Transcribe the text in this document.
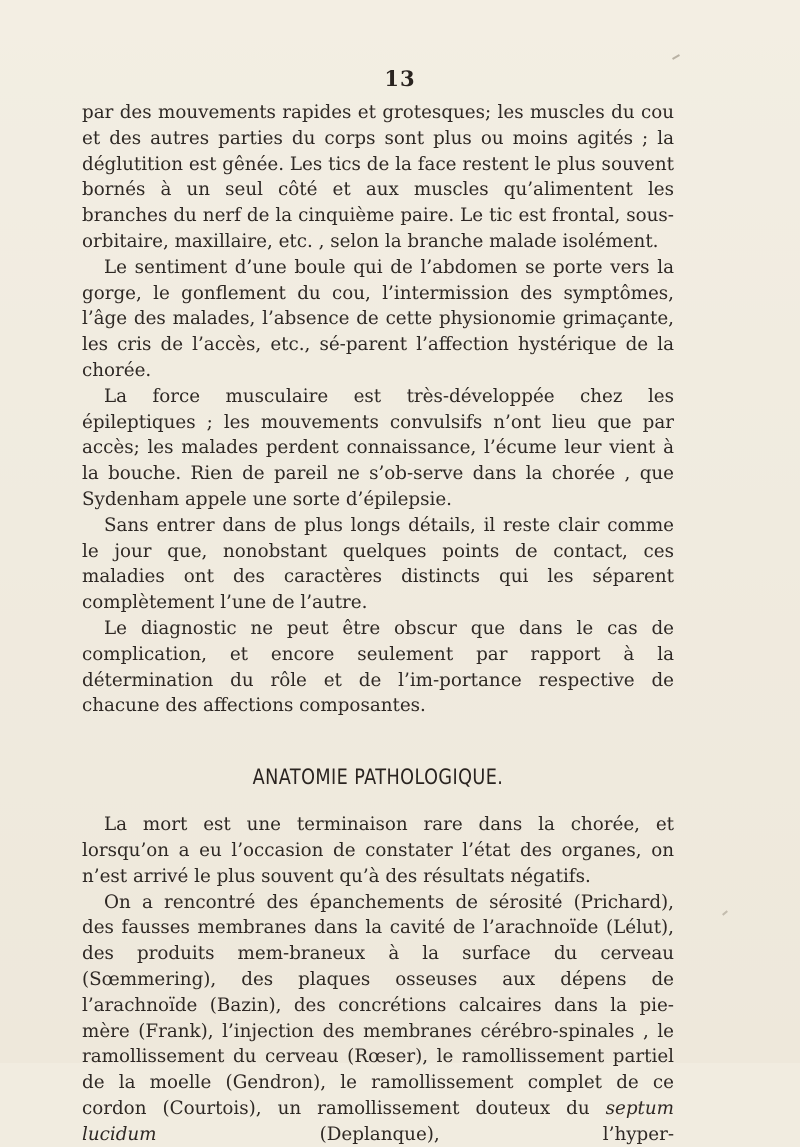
13

par des mouvements rapides et grotesques; les muscles du cou et des autres parties du corps sont plus ou moins agités ; la déglutition est gênée. Les tics de la face restent le plus souvent bornés à un seul côté et aux muscles qu’alimentent les branches du nerf de la cinquième paire. Le tic est frontal, sous-orbitaire, maxillaire, etc. , selon la branche malade isolément.

Le sentiment d’une boule qui de l’abdomen se porte vers la gorge, le gonflement du cou, l’intermission des symptômes, l’âge des malades, l’absence de cette physionomie grimaçante, les cris de l’accès, etc., sé-parent l’affection hystérique de la chorée.

La force musculaire est très-développée chez les épileptiques ; les mouvements convulsifs n’ont lieu que par accès; les malades perdent connaissance, l’écume leur vient à la bouche. Rien de pareil ne s’ob-serve dans la chorée , que Sydenham appele une sorte d’épilepsie.

Sans entrer dans de plus longs détails, il reste clair comme le jour que, nonobstant quelques points de contact, ces maladies ont des caractères distincts qui les séparent complètement l’une de l’autre.

Le diagnostic ne peut être obscur que dans le cas de complication, et encore seulement par rapport à la détermination du rôle et de l’im-portance respective de chacune des affections composantes.

ANATOMIE PATHOLOGIQUE.

La mort est une terminaison rare dans la chorée, et lorsqu’on a eu l’occasion de constater l’état des organes, on n’est arrivé le plus souvent qu’à des résultats négatifs.

On a rencontré des épanchements de sérosité (Prichard), des fausses membranes dans la cavité de l’arachnoïde (Lélut), des produits mem-braneux à la surface du cerveau (Sœmmering), des plaques osseuses aux dépens de l’arachnoïde (Bazin), des concrétions calcaires dans la pie-mère (Frank), l’injection des membranes cérébro-spinales , le ramollissement du cerveau (Rœser), le ramollissement partiel de la moelle (Gendron), le ramollissement complet de ce cordon (Courtois), un ramollissement douteux du septum lucidum (Deplanque), l’hyper-
